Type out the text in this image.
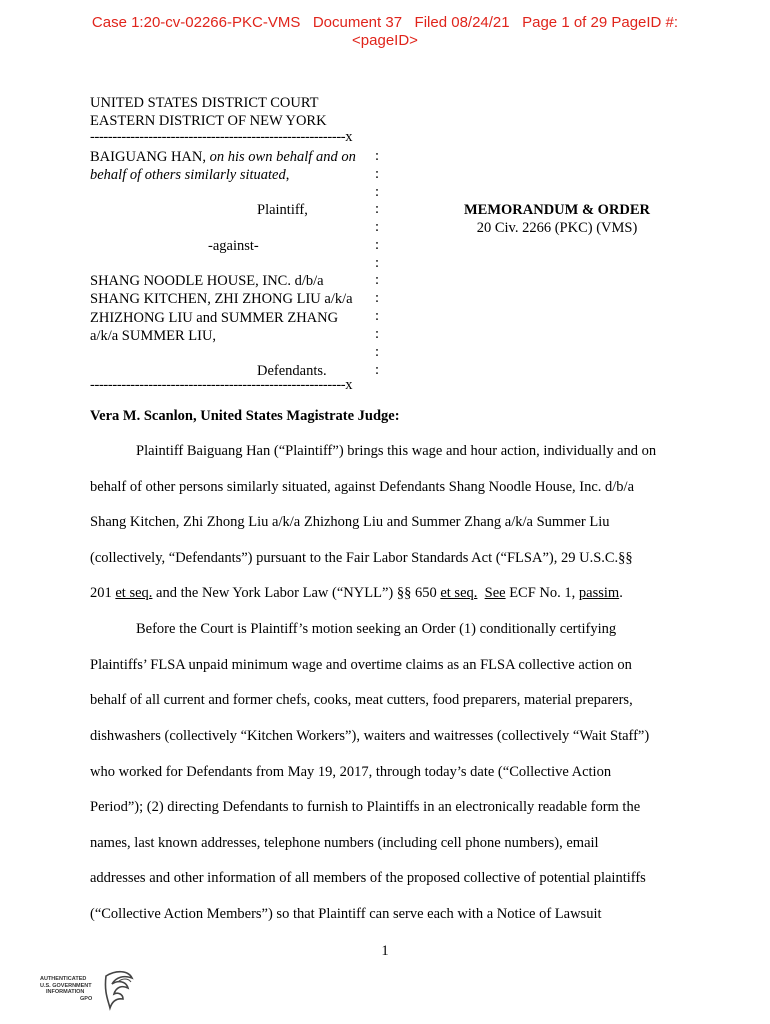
Case 1:20-cv-02266-PKC-VMS   Document 37   Filed 08/24/21   Page 1 of 29 PageID #:
<pageID>
UNITED STATES DISTRICT COURT
EASTERN DISTRICT OF NEW YORK
---------------------------------------------------------x
BAIGUANG HAN, on his own behalf and on
behalf of others similarly situated,
Plaintiff,
-against-
SHANG NOODLE HOUSE, INC. d/b/a
SHANG KITCHEN, ZHI ZHONG LIU a/k/a
ZHIZHONG LIU and SUMMER ZHANG
a/k/a SUMMER LIU,
Defendants.
:
:
:
:
:
:
:
:
:
:
:
:
:
---------------------------------------------------------x
MEMORANDUM & ORDER
20 Civ. 2266 (PKC) (VMS)
Vera M. Scanlon, United States Magistrate Judge:
Plaintiff Baiguang Han (“Plaintiff”) brings this wage and hour action, individually and on
behalf of other persons similarly situated, against Defendants Shang Noodle House, Inc. d/b/a
Shang Kitchen, Zhi Zhong Liu a/k/a Zhizhong Liu and Summer Zhang a/k/a Summer Liu
(collectively, “Defendants”) pursuant to the Fair Labor Standards Act (“FLSA”), 29 U.S.C.§§
201 et seq. and the New York Labor Law (“NYLL”) §§ 650 et seq. See ECF No. 1, passim.
Before the Court is Plaintiff’s motion seeking an Order (1) conditionally certifying
Plaintiffs’ FLSA unpaid minimum wage and overtime claims as an FLSA collective action on
behalf of all current and former chefs, cooks, meat cutters, food preparers, material preparers,
dishwashers (collectively “Kitchen Workers”), waiters and waitresses (collectively “Wait Staff”)
who worked for Defendants from May 19, 2017, through today’s date (“Collective Action
Period”); (2) directing Defendants to furnish to Plaintiffs in an electronically readable form the
names, last known addresses, telephone numbers (including cell phone numbers), email
addresses and other information of all members of the proposed collective of potential plaintiffs
(“Collective Action Members”) so that Plaintiff can serve each with a Notice of Lawsuit
1
AUTHENTICATED
U.S. GOVERNMENT
INFORMATION
GPO
